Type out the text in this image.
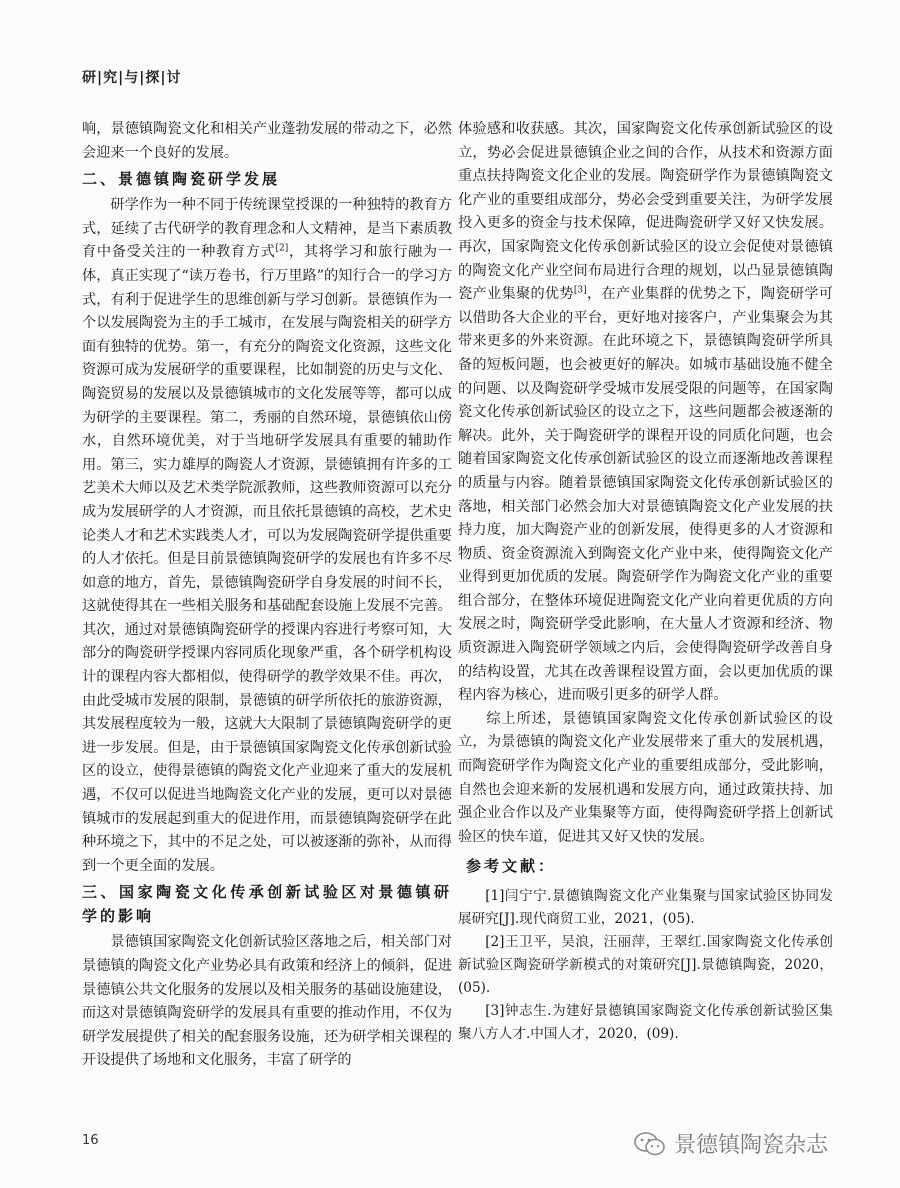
研|究|与|探|讨

响，景德镇陶瓷文化和相关产业蓬勃发展的带动之下，必然会迎来一个良好的发展。

二、景德镇陶瓷研学发展

研学作为一种不同于传统课堂授课的一种独特的教育方式，延续了古代研学的教育理念和人文精神，是当下素质教育中备受关注的一种教育方式[2]，其将学习和旅行融为一体，真正实现了“读万卷书，行万里路”的知行合一的学习方式，有利于促进学生的思维创新与学习创新。景德镇作为一个以发展陶瓷为主的手工城市，在发展与陶瓷相关的研学方面有独特的优势。第一，有充分的陶瓷文化资源，这些文化资源可成为发展研学的重要课程，比如制瓷的历史与文化、陶瓷贸易的发展以及景德镇城市的文化发展等等，都可以成为研学的主要课程。第二，秀丽的自然环境，景德镇依山傍水，自然环境优美，对于当地研学发展具有重要的辅助作用。第三，实力雄厚的陶瓷人才资源，景德镇拥有许多的工艺美术大师以及艺术类学院派教师，这些教师资源可以充分成为发展研学的人才资源，而且依托景德镇的高校，艺术史论类人才和艺术实践类人才，可以为发展陶瓷研学提供重要的人才依托。但是目前景德镇陶瓷研学的发展也有许多不尽如意的地方，首先，景德镇陶瓷研学自身发展的时间不长，这就使得其在一些相关服务和基础配套设施上发展不完善。其次，通过对景德镇陶瓷研学的授课内容进行考察可知，大部分的陶瓷研学授课内容同质化现象严重，各个研学机构设计的课程内容大都相似，使得研学的教学效果不佳。再次，由此受城市发展的限制，景德镇的研学所依托的旅游资源，其发展程度较为一般，这就大大限制了景德镇陶瓷研学的更进一步发展。但是，由于景德镇国家陶瓷文化传承创新试验区的设立，使得景德镇的陶瓷文化产业迎来了重大的发展机遇，不仅可以促进当地陶瓷文化产业的发展，更可以对景德镇城市的发展起到重大的促进作用，而景德镇陶瓷研学在此种环境之下，其中的不足之处，可以被逐渐的弥补，从而得到一个更全面的发展。

三、国家陶瓷文化传承创新试验区对景德镇研学的影响

景德镇国家陶瓷文化创新试验区落地之后，相关部门对景德镇的陶瓷文化产业势必具有政策和经济上的倾斜，促进景德镇公共文化服务的发展以及相关服务的基础设施建设，而这对景德镇陶瓷研学的发展具有重要的推动作用，不仅为研学发展提供了相关的配套服务设施，还为研学相关课程的开设提供了场地和文化服务，丰富了研学的

体验感和收获感。其次，国家陶瓷文化传承创新试验区的设立，势必会促进景德镇企业之间的合作，从技术和资源方面重点扶持陶瓷文化企业的发展。陶瓷研学作为景德镇陶瓷文化产业的重要组成部分，势必会受到重要关注，为研学发展投入更多的资金与技术保障，促进陶瓷研学又好又快发展。再次，国家陶瓷文化传承创新试验区的设立会促使对景德镇的陶瓷文化产业空间布局进行合理的规划，以凸显景德镇陶瓷产业集聚的优势[3]，在产业集群的优势之下，陶瓷研学可以借助各大企业的平台，更好地对接客户，产业集聚会为其带来更多的外来资源。在此环境之下，景德镇陶瓷研学所具备的短板问题，也会被更好的解决。如城市基础设施不健全的问题、以及陶瓷研学受城市发展受限的问题等，在国家陶瓷文化传承创新试验区的设立之下，这些问题都会被逐渐的解决。此外，关于陶瓷研学的课程开设的同质化问题，也会随着国家陶瓷文化传承创新试验区的设立而逐渐地改善课程的质量与内容。随着景德镇国家陶瓷文化传承创新试验区的落地，相关部门必然会加大对景德镇陶瓷文化产业发展的扶持力度，加大陶瓷产业的创新发展，使得更多的人才资源和物质、资金资源流入到陶瓷文化产业中来，使得陶瓷文化产业得到更加优质的发展。陶瓷研学作为陶瓷文化产业的重要组合部分，在整体环境促进陶瓷文化产业向着更优质的方向发展之时，陶瓷研学受此影响，在大量人才资源和经济、物质资源进入陶瓷研学领域之内后，会使得陶瓷研学改善自身的结构设置，尤其在改善课程设置方面，会以更加优质的课程内容为核心，进而吸引更多的研学人群。

综上所述，景德镇国家陶瓷文化传承创新试验区的设立，为景德镇的陶瓷文化产业发展带来了重大的发展机遇，而陶瓷研学作为陶瓷文化产业的重要组成部分，受此影响，自然也会迎来新的发展机遇和发展方向，通过政策扶持、加强企业合作以及产业集聚等方面，使得陶瓷研学搭上创新试验区的快车道，促进其又好又快的发展。

参考文献：

[1]闫宁宁.景德镇陶瓷文化产业集聚与国家试验区协同发展研究[J].现代商贸工业，2021，(05).

[2]王卫平，吴浪，汪丽萍，王翠红.国家陶瓷文化传承创新试验区陶瓷研学新模式的对策研究[J].景德镇陶瓷，2020，(05).

[3]钟志生.为建好景德镇国家陶瓷文化传承创新试验区集聚八方人才.中国人才，2020，(09).

16	景德镇陶瓷杂志
